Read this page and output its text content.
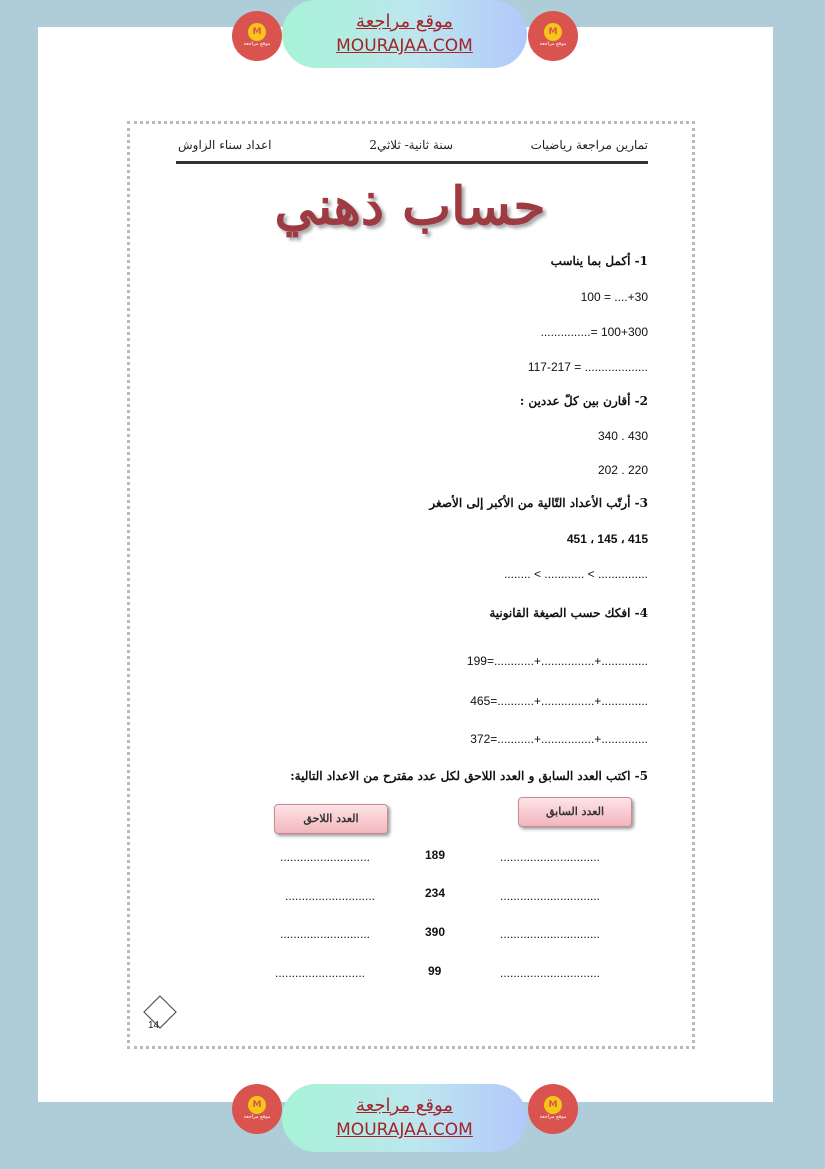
M
موقع مراجعة
موقع مراجعة
MOURAJAA.COM
M
موقع مراجعة
تمارين مراجعة رياضيات
سنة ثانية- ثلاثي2
اعداد سناء الزاوش
حساب ذهني
1- أكمل بما يناسب
100 = ....+30
...............= 100+300
117-217 = ...................
2- أقارن بين كلّ عددين :
340 . 430
202 . 220
3- أرتّب الأعداد التّالية من الأكبر إلى الأصغر
451 ، 145 ، 415
........ < ............ < ...............
4- افكك حسب الصيغة القانونية
199=............+................+..............
465=...........+................+..............
372=...........+................+..............
5- اكتب العدد السابق و العدد اللاحق لكل عدد مقترح من الاعداد التالية:
العدد السابق
العدد اللاحق
..............................
189
...........................
..............................
234
...........................
..............................
390
...........................
..............................
99
...........................
14
M
موقع مراجعة
موقع مراجعة
MOURAJAA.COM
M
موقع مراجعة
